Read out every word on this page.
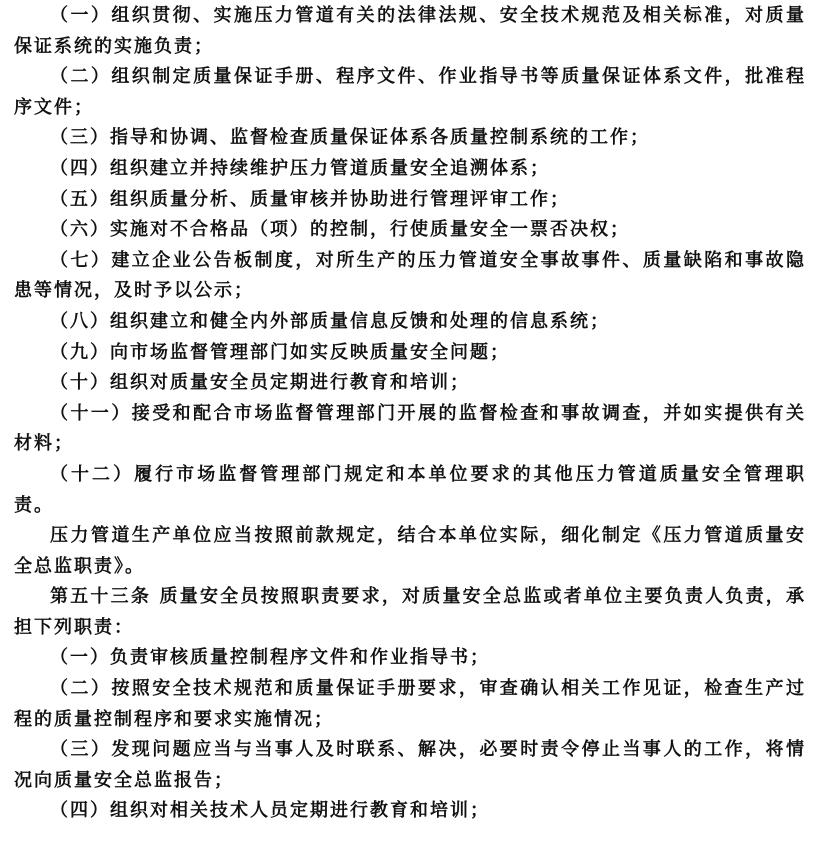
（一）组织贯彻、实施压力管道有关的法律法规、安全技术规范及相关标准，对质量保证系统的实施负责；

（二）组织制定质量保证手册、程序文件、作业指导书等质量保证体系文件，批准程序文件；

（三）指导和协调、监督检查质量保证体系各质量控制系统的工作；

（四）组织建立并持续维护压力管道质量安全追溯体系；

（五）组织质量分析、质量审核并协助进行管理评审工作；

（六）实施对不合格品（项）的控制，行使质量安全一票否决权；

（七）建立企业公告板制度，对所生产的压力管道安全事故事件、质量缺陷和事故隐患等情况，及时予以公示；

（八）组织建立和健全内外部质量信息反馈和处理的信息系统；

（九）向市场监督管理部门如实反映质量安全问题；

（十）组织对质量安全员定期进行教育和培训；

（十一）接受和配合市场监督管理部门开展的监督检查和事故调查，并如实提供有关材料；

（十二）履行市场监督管理部门规定和本单位要求的其他压力管道质量安全管理职责。

压力管道生产单位应当按照前款规定，结合本单位实际，细化制定《压力管道质量安全总监职责》。

第五十三条 质量安全员按照职责要求，对质量安全总监或者单位主要负责人负责，承担下列职责：

（一）负责审核质量控制程序文件和作业指导书；

（二）按照安全技术规范和质量保证手册要求，审查确认相关工作见证，检查生产过程的质量控制程序和要求实施情况；

（三）发现问题应当与当事人及时联系、解决，必要时责令停止当事人的工作，将情况向质量安全总监报告；

（四）组织对相关技术人员定期进行教育和培训；
